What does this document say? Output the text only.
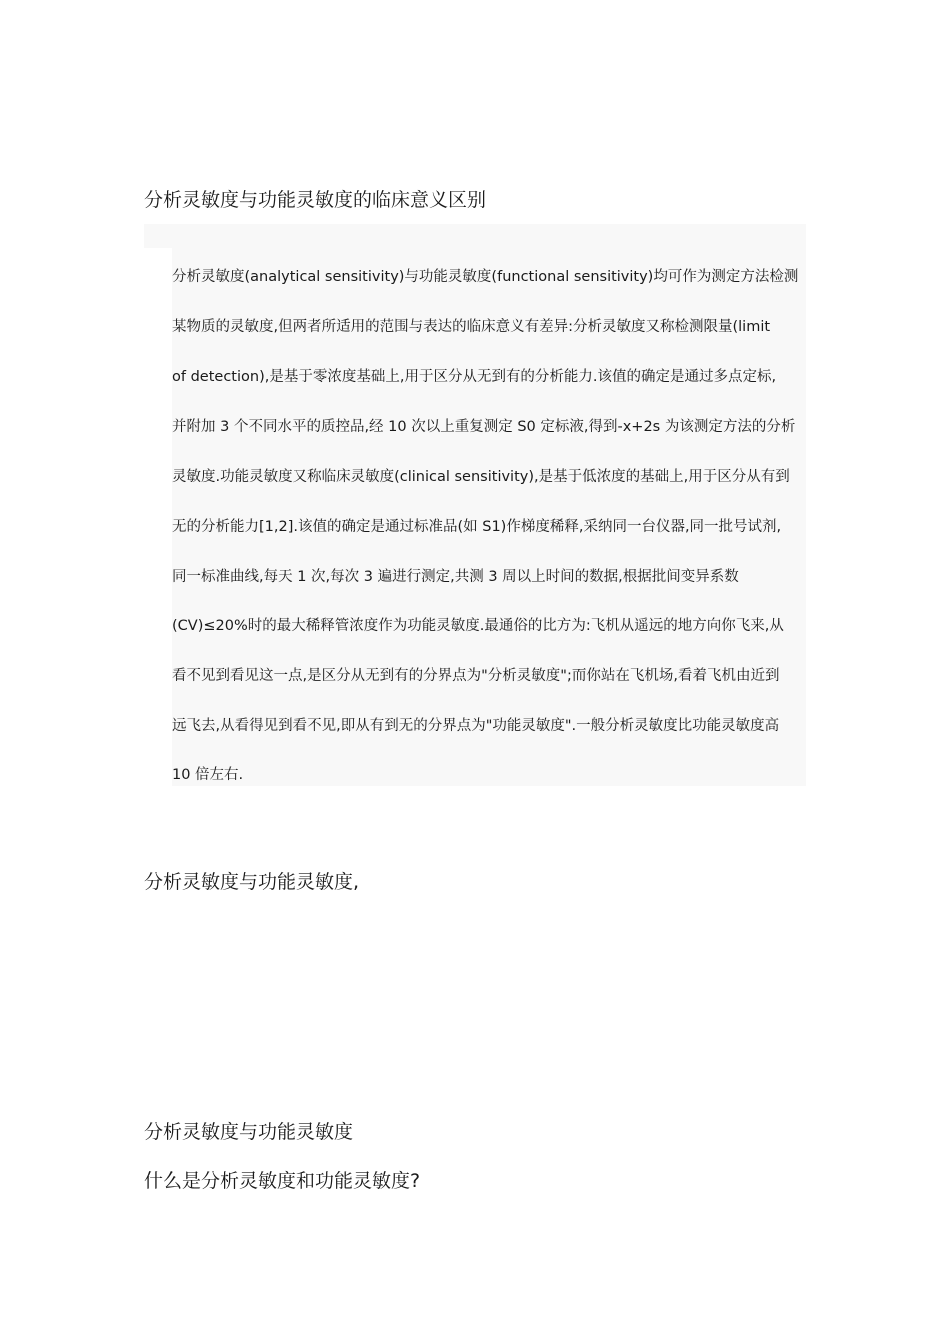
分析灵敏度与功能灵敏度的临床意义区别
分析灵敏度(analytical sensitivity)与功能灵敏度(functional sensitivity)均可作为测定方法检测
某物质的灵敏度,但两者所适用的范围与表达的临床意义有差异:分析灵敏度又称检测限量(limit
of detection),是基于零浓度基础上,用于区分从无到有的分析能力.该值的确定是通过多点定标,
并附加 3 个不同水平的质控品,经 10 次以上重复测定 S0 定标液,得到-x+2s 为该测定方法的分析
灵敏度.功能灵敏度又称临床灵敏度(clinical sensitivity),是基于低浓度的基础上,用于区分从有到
无的分析能力[1,2].该值的确定是通过标准品(如 S1)作梯度稀释,采纳同一台仪器,同一批号试剂,
同一标准曲线,每天 1 次,每次 3 遍进行测定,共测 3 周以上时间的数据,根据批间变异系数
(CV)≤20%时的最大稀释管浓度作为功能灵敏度.最通俗的比方为:飞机从遥远的地方向你飞来,从
看不见到看见这一点,是区分从无到有的分界点为"分析灵敏度";而你站在飞机场,看着飞机由近到
远飞去,从看得见到看不见,即从有到无的分界点为"功能灵敏度".一般分析灵敏度比功能灵敏度高
10 倍左右.
分析灵敏度与功能灵敏度,
分析灵敏度与功能灵敏度
什么是分析灵敏度和功能灵敏度?
